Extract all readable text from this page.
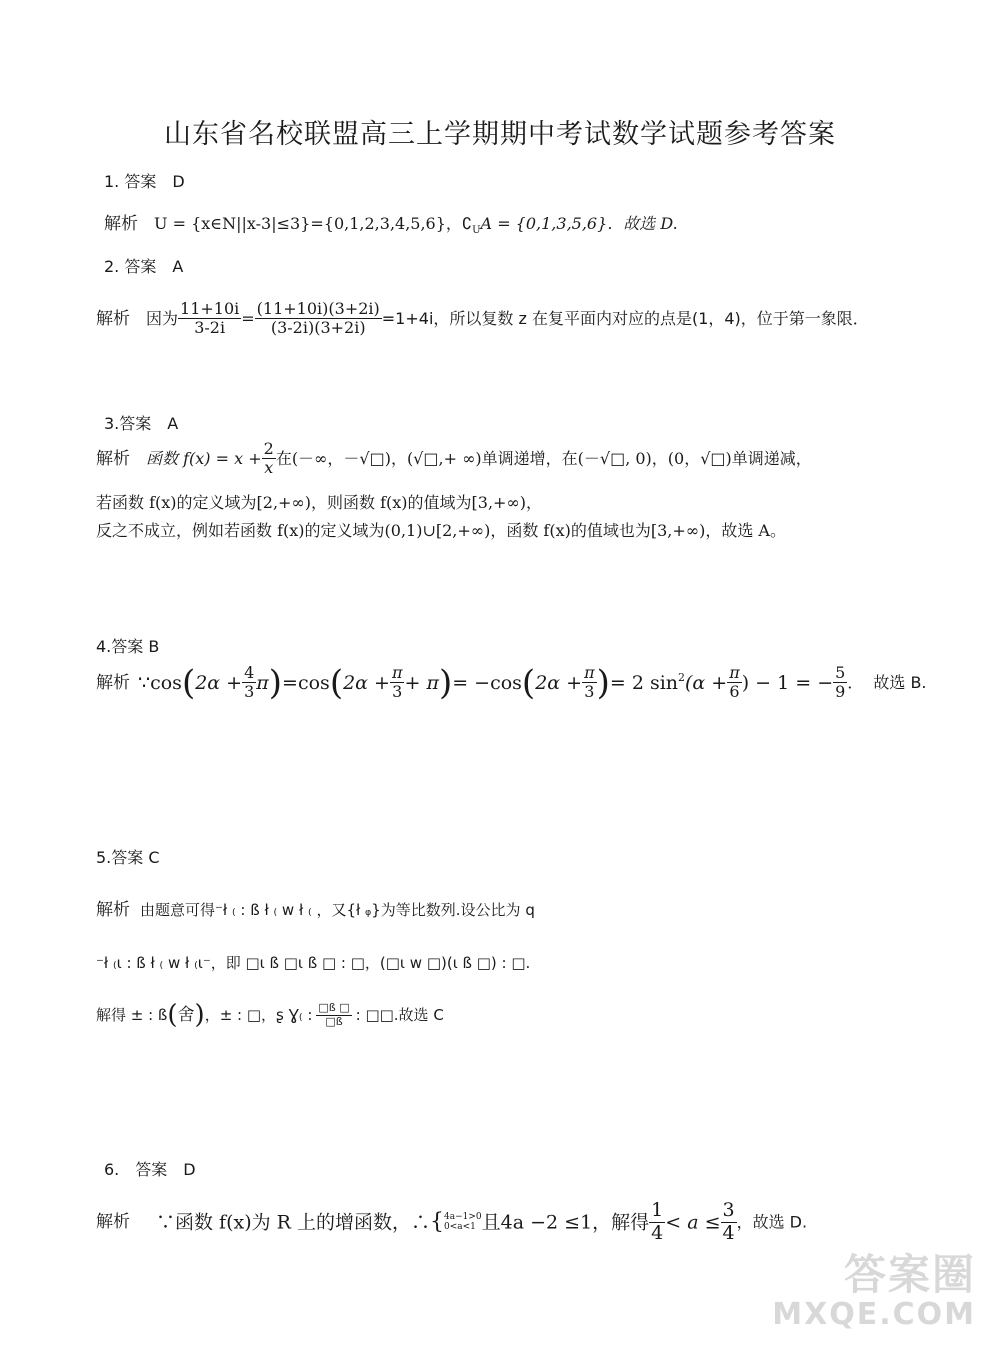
山东省名校联盟高三上学期期中考试数学试题参考答案
1. 答案　D
解析 U = {x∈N||x-3|≤3}={0,1,2,3,4,5,6}，$∁_UA = \{0,1,3,5,6\}$．故选 D.
2. 答案　A
解析 因为 $\frac{11+10i}{3-2i} = \frac{(11+10i)(3+2i)}{(3-2i)(3+2i)} =1+4i$，所以复数 z 在复平面内对应的点是(1，4)，位于第一象限．
3.答案　A
解析 函数 $f(x) = x + \frac{2}{x}$ 在(－∞，－√□)，(√□,+ ∞)单调递增，在(－√□, 0)，(0，√□)单调递减，
若函数 f(x)的定义域为[2,+∞)，则函数 f(x)的值域为[3,+∞)，
反之不成立，例如若函数 f(x)的定义域为(0,1)∪[2,+∞)，函数 f(x)的值域也为[3,+∞)，故选 A。
4.答案 B
解析 ∵cos(2α + $\frac{4}{3} \pi)=\cos(2\alpha + \frac{\pi}{3} + \pi)= -\cos(2\alpha + \frac{\pi}{3}$ )= 2 $\sin^2(\alpha + \frac{\pi}{6}$ ) − 1 = − $\frac{5}{9}$ ． 故选 B.
5.答案 C
解析 由题意可得⁻ł ₍ : ß ł ₍ w ł ₍ ，又{ł ᵩ}为等比数列.设公比为 q
⁻ł ₍ɩ : ß ł ₍ w ł ₍ɩ⁻，即 □ɩ ß □ɩ ß □ : □，(□ɩ w □)(ɩ ß □) : □.
解得 ± : ß(舍)，± : □，ʂ Ɣ₍ : $\frac{□ß □}{□ß}$ : □□.故选 C
6.　答案　D
解析 ∵函数 f(x)为 R 上的增函数，∴{ 4a−1>0
0<a<1 且4a −2 ≤1，解得 $\frac{1}{4} < a \le \frac{3}{4}$ ，故选 D.
答案圈
MXQE.COM
